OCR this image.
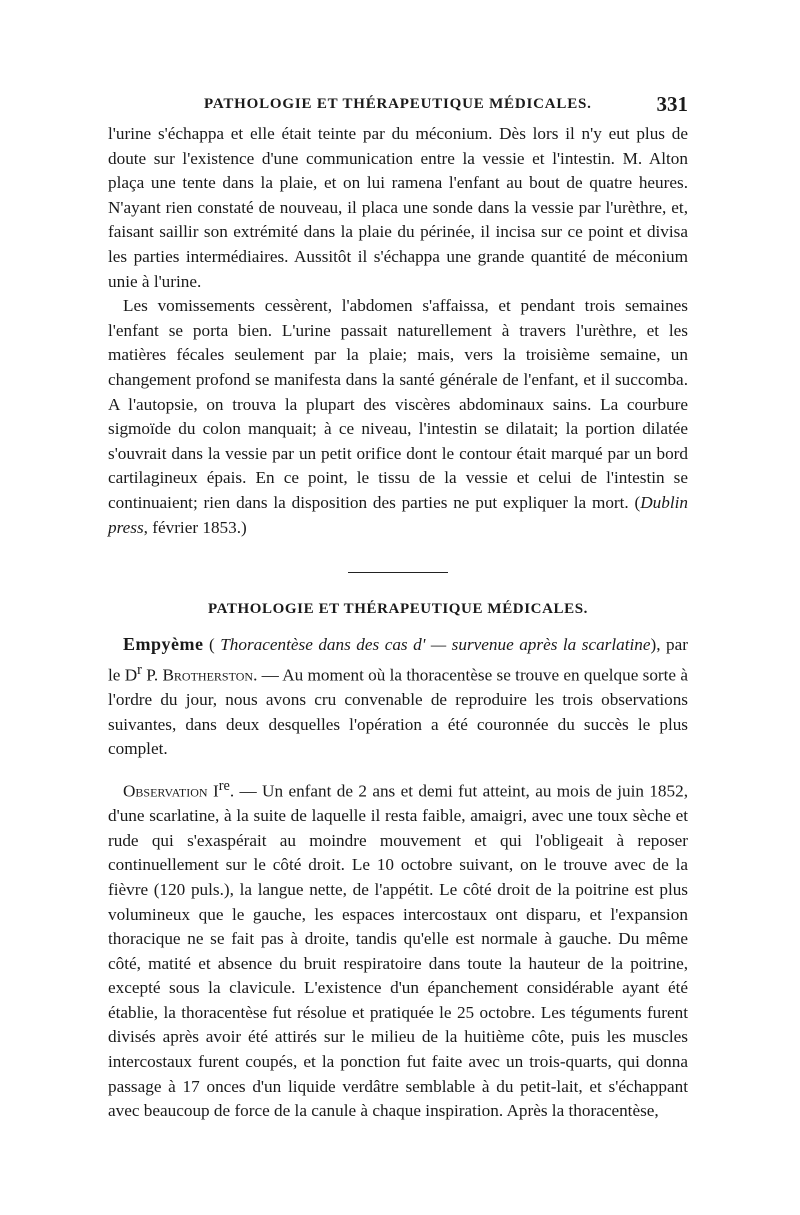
PATHOLOGIE ET THÉRAPEUTIQUE MÉDICALES.	331

l'urine s'échappa et elle était teinte par du méconium. Dès lors il n'y eut plus de doute sur l'existence d'une communication entre la vessie et l'intestin. M. Alton plaça une tente dans la plaie, et on lui ramena l'enfant au bout de quatre heures. N'ayant rien constaté de nouveau, il placa une sonde dans la vessie par l'urèthre, et, faisant saillir son extrémité dans la plaie du périnée, il incisa sur ce point et divisa les parties intermédiaires. Aussitôt il s'échappa une grande quantité de méconium unie à l'urine.

Les vomissements cessèrent, l'abdomen s'affaissa, et pendant trois semaines l'enfant se porta bien. L'urine passait naturellement à travers l'urèthre, et les matières fécales seulement par la plaie; mais, vers la troisième semaine, un changement profond se manifesta dans la santé générale de l'enfant, et il succomba. A l'autopsie, on trouva la plupart des viscères abdominaux sains. La courbure sigmoïde du colon manquait; à ce niveau, l'intestin se dilatait; la portion dilatée s'ouvrait dans la vessie par un petit orifice dont le contour était marqué par un bord cartilagineux épais. En ce point, le tissu de la vessie et celui de l'intestin se continuaient; rien dans la disposition des parties ne put expliquer la mort. (Dublin press, février 1853.)

PATHOLOGIE ET THÉRAPEUTIQUE MÉDICALES.

Empyème ( Thoracentèse dans des cas d' — survenue après la scarlatine), par le $D^r$ P. Brotherston. — Au moment où la thoracentèse se trouve en quelque sorte à l'ordre du jour, nous avons cru convenable de reproduire les trois observations suivantes, dans deux desquelles l'opération a été couronnée du succès le plus complet.

Observation Ire. — Un enfant de 2 ans et demi fut atteint, au mois de juin 1852, d'une scarlatine, à la suite de laquelle il resta faible, amaigri, avec une toux sèche et rude qui s'exaspérait au moindre mouvement et qui l'obligeait à reposer continuellement sur le côté droit. Le 10 octobre suivant, on le trouve avec de la fièvre (120 puls.), la langue nette, de l'appétit. Le côté droit de la poitrine est plus volumineux que le gauche, les espaces intercostaux ont disparu, et l'expansion thoracique ne se fait pas à droite, tandis qu'elle est normale à gauche. Du même côté, matité et absence du bruit respiratoire dans toute la hauteur de la poitrine, excepté sous la clavicule. L'existence d'un épanchement considérable ayant été établie, la thoracentèse fut résolue et pratiquée le 25 octobre. Les téguments furent divisés après avoir été attirés sur le milieu de la huitième côte, puis les muscles intercostaux furent coupés, et la ponction fut faite avec un trois-quarts, qui donna passage à 17 onces d'un liquide verdâtre semblable à du petit-lait, et s'échappant avec beaucoup de force de la canule à chaque inspiration. Après la thoracentèse,
